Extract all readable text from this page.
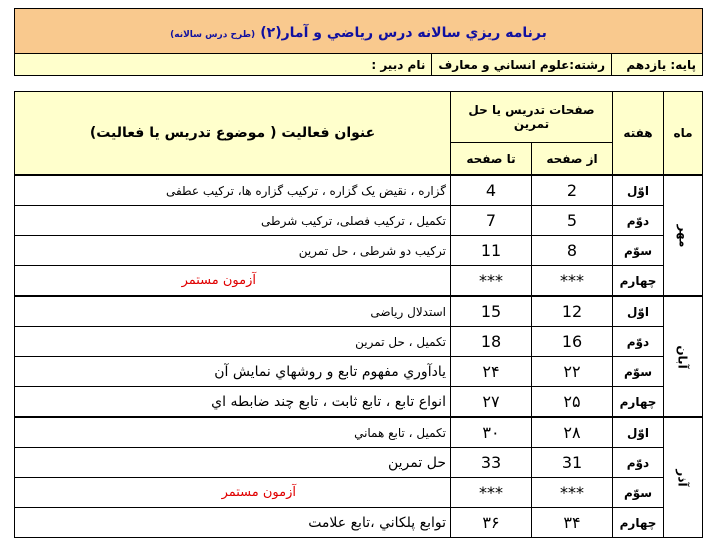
برنامه ريزي سالانه درس رياضي و آمار(۲) (طرح درس سالانه)
پايه: يازدهم	رشته:علوم انساني و معارف	نام دبير :
ماه	هفته	صفحات تدريس يا حل تمرين		عنوان فعاليت ( موضوع تدريس يا فعاليت)
		از صفحه	تا صفحه	
مهر	اوّل	2	4	گزاره ، نقيض يک گزاره ، ترکيب گزاره ها، ترکيب عطفی
	دوّم	5	7	تکميل ، ترکيب فصلی، ترکيب شرطی
	سوّم	8	11	ترکيب دو شرطی ، حل تمرين
	چهارم	***	***	آزمون مستمر
آبان	اوّل	12	15	استدلال رياضی
	دوّم	16	18	تکميل ، حل تمرين
	سوّم	۲۲	۲۴	يادآوري مفهوم تابع و روشهاي نمايش آن
	چهارم	۲۵	۲۷	انواع تابع ، تابع ثابت ، تابع چند ضابطه اي
آذر	اوّل	۲۸	۳۰	تکميل ، تابع هماني
	دوّم	31	33	حل تمرين
	سوّم	***	***	آزمون مستمر
	چهارم	۳۴	۳۶	توابع پلکاني ،تابع علامت
